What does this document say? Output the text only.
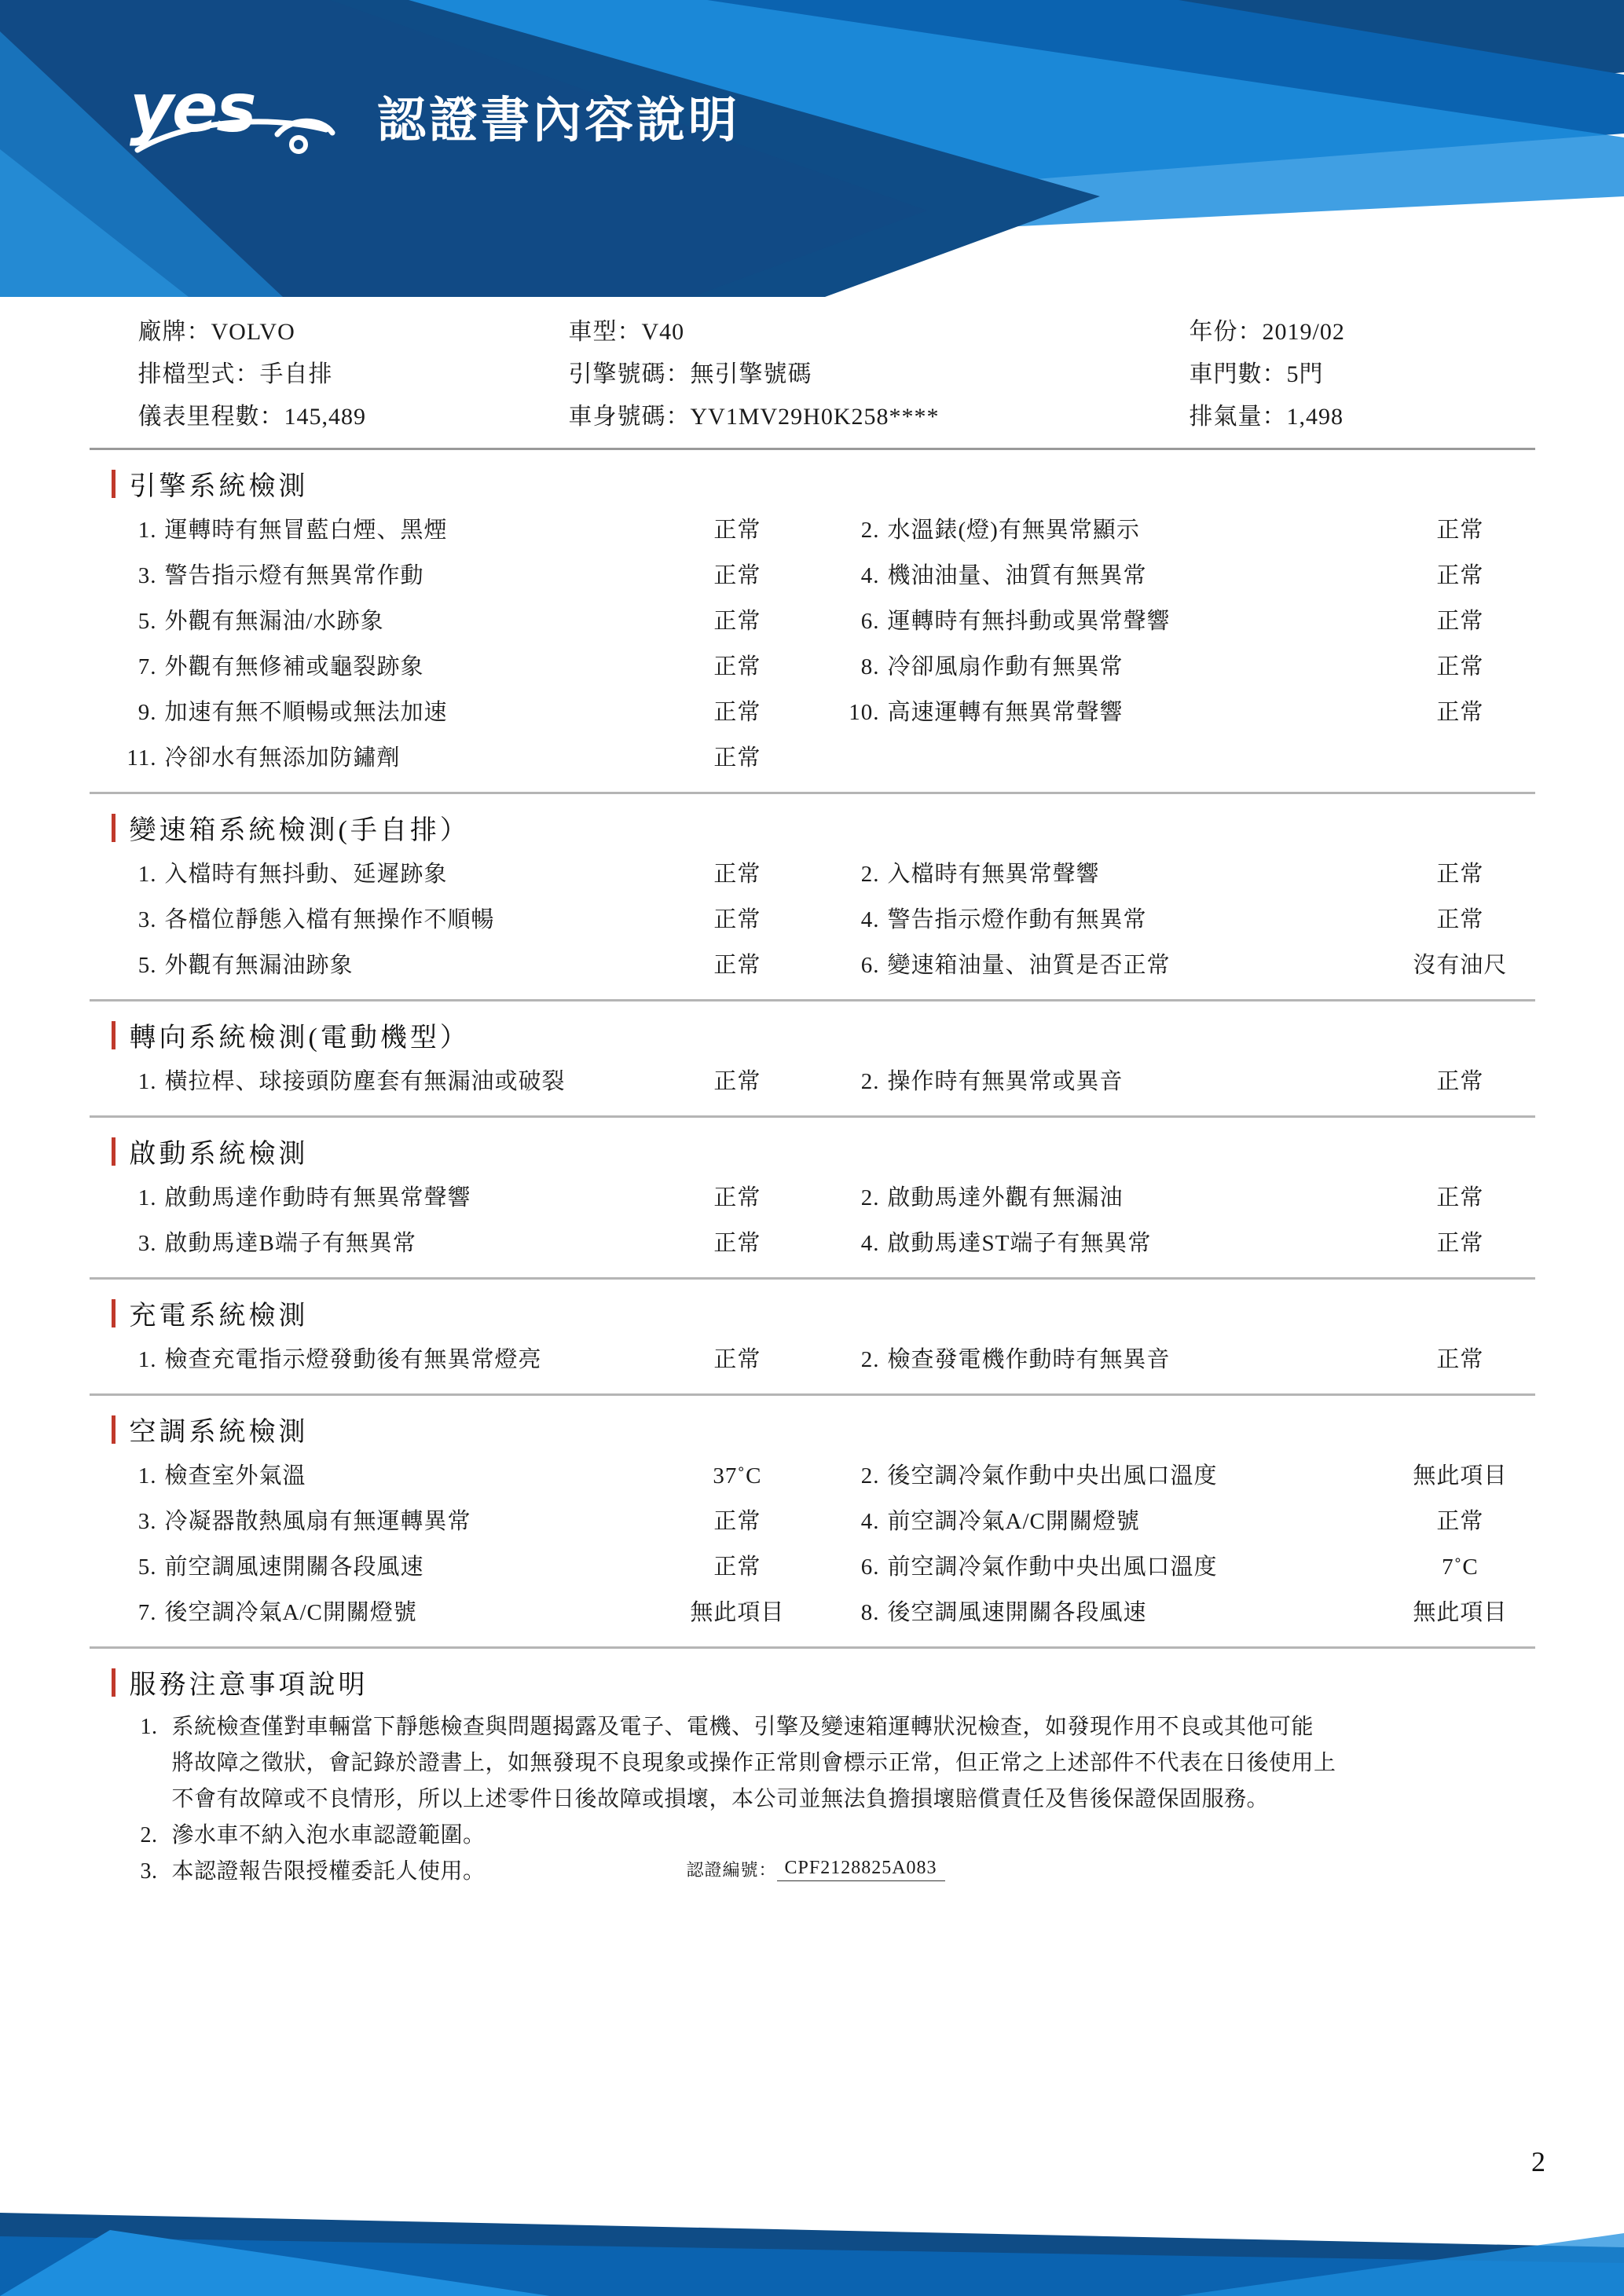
yes	認證書內容說明
廠牌：VOLVO	車型：V40	年份：2019/02
排檔型式：手自排	引擎號碼：無引擎號碼	車門數：5門
儀表里程數：145,489	車身號碼：YV1MV29H0K258****	排氣量：1,498
引擎系統檢測
1. 運轉時有無冒藍白煙、黑煙	正常	2. 水溫錶(燈)有無異常顯示	正常
3. 警告指示燈有無異常作動	正常	4. 機油油量、油質有無異常	正常
5. 外觀有無漏油/水跡象	正常	6. 運轉時有無抖動或異常聲響	正常
7. 外觀有無修補或龜裂跡象	正常	8. 冷卻風扇作動有無異常	正常
9. 加速有無不順暢或無法加速	正常	10. 高速運轉有無異常聲響	正常
11. 冷卻水有無添加防鏽劑	正常
變速箱系統檢測(手自排）
1. 入檔時有無抖動、延遲跡象	正常	2. 入檔時有無異常聲響	正常
3. 各檔位靜態入檔有無操作不順暢	正常	4. 警告指示燈作動有無異常	正常
5. 外觀有無漏油跡象	正常	6. 變速箱油量、油質是否正常	沒有油尺
轉向系統檢測(電動機型）
1. 橫拉桿、球接頭防塵套有無漏油或破裂	正常	2. 操作時有無異常或異音	正常
啟動系統檢測
1. 啟動馬達作動時有無異常聲響	正常	2. 啟動馬達外觀有無漏油	正常
3. 啟動馬達B端子有無異常	正常	4. 啟動馬達ST端子有無異常	正常
充電系統檢測
1. 檢查充電指示燈發動後有無異常燈亮	正常	2. 檢查發電機作動時有無異音	正常
空調系統檢測
1. 檢查室外氣溫	37˚C	2. 後空調冷氣作動中央出風口溫度	無此項目
3. 冷凝器散熱風扇有無運轉異常	正常	4. 前空調冷氣A/C開關燈號	正常
5. 前空調風速開關各段風速	正常	6. 前空調冷氣作動中央出風口溫度	7˚C
7. 後空調冷氣A/C開關燈號	無此項目	8. 後空調風速開關各段風速	無此項目
服務注意事項說明
1. 系統檢查僅對車輛當下靜態檢查與問題揭露及電子、電機、引擎及變速箱運轉狀況檢查，如發現作用不良或其他可能
將故障之徵狀，會記錄於證書上，如無發現不良現象或操作正常則會標示正常，但正常之上述部件不代表在日後使用上
不會有故障或不良情形，所以上述零件日後故障或損壞，本公司並無法負擔損壞賠償責任及售後保證保固服務。
2. 滲水車不納入泡水車認證範圍。
3. 本認證報告限授權委託人使用。	認證編號： CPF2128825A083
2
